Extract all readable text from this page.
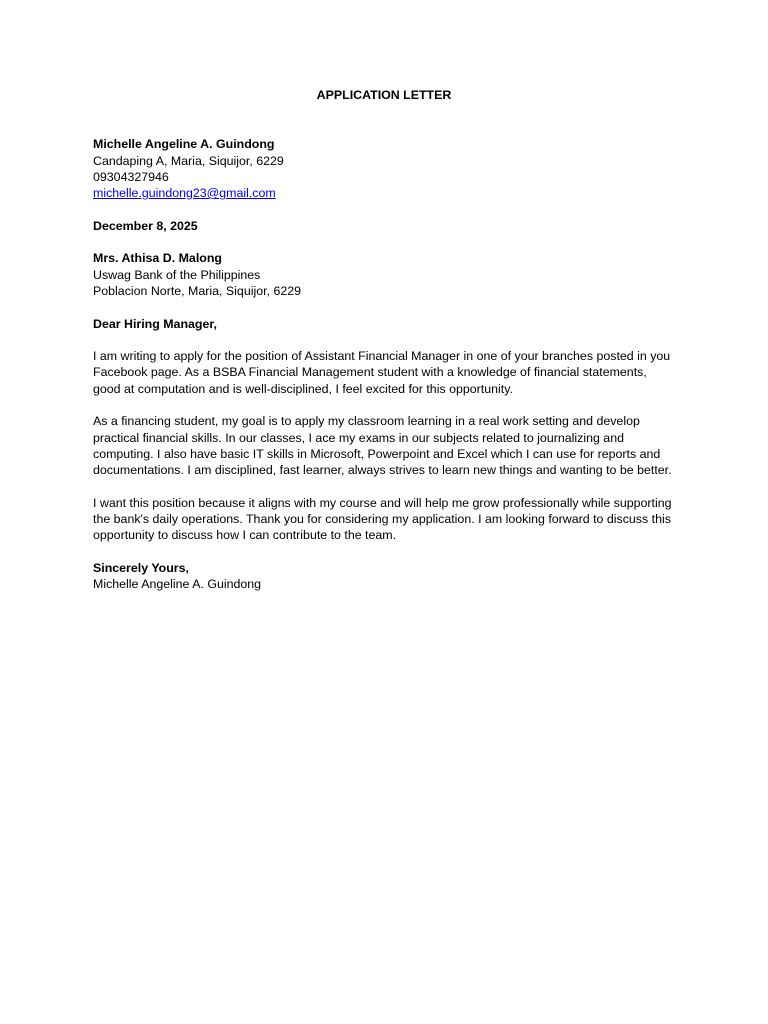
APPLICATION LETTER
Michelle Angeline A. Guindong
Candaping A, Maria, Siquijor, 6229
09304327946
michelle.guindong23@gmail.com
December 8, 2025
Mrs. Athisa D. Malong
Uswag Bank of the Philippines
Poblacion Norte, Maria, Siquijor, 6229
Dear Hiring Manager,

I am writing to apply for the position of Assistant Financial Manager in one of your branches posted in you Facebook page. As a BSBA Financial Management student with a knowledge of financial statements, good at computation and is well-disciplined, I feel excited for this opportunity.

As a financing student, my goal is to apply my classroom learning in a real work setting and develop practical financial skills. In our classes, I ace my exams in our subjects related to journalizing and computing. I also have basic IT skills in Microsoft, Powerpoint and Excel which I can use for reports and documentations. I am disciplined, fast learner, always strives to learn new things and wanting to be better.

I want this position because it aligns with my course and will help me grow professionally while supporting the bank's daily operations. Thank you for considering my application. I am looking forward to discuss this opportunity to discuss how I can contribute to the team.

Sincerely Yours,
Michelle Angeline A. Guindong
